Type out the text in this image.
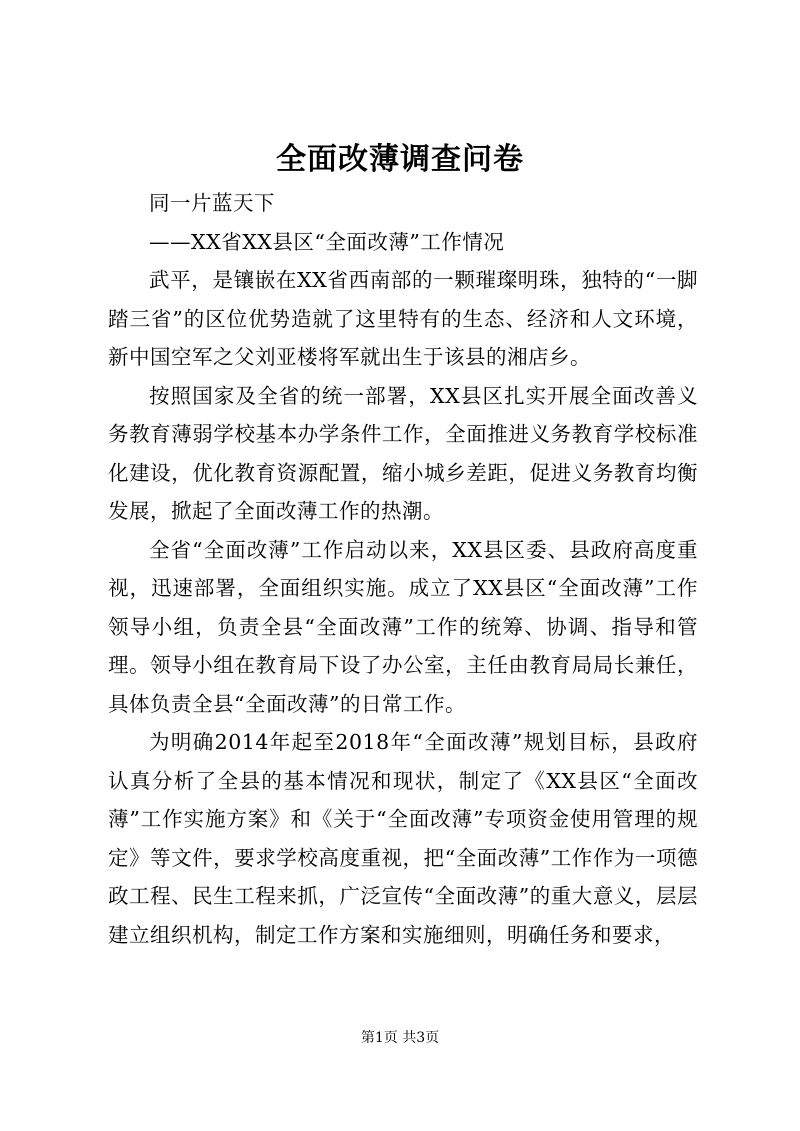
全面改薄调查问卷

同一片蓝天下

——XX省XX县区“全面改薄”工作情况

武平，是镶嵌在XX省西南部的一颗璀璨明珠，独特的“一脚踏三省”的区位优势造就了这里特有的生态、经济和人文环境，新中国空军之父刘亚楼将军就出生于该县的湘店乡。

按照国家及全省的统一部署，XX县区扎实开展全面改善义务教育薄弱学校基本办学条件工作，全面推进义务教育学校标准化建设，优化教育资源配置，缩小城乡差距，促进义务教育均衡发展，掀起了全面改薄工作的热潮。

全省“全面改薄”工作启动以来，XX县区委、县政府高度重视，迅速部署，全面组织实施。成立了XX县区“全面改薄”工作领导小组，负责全县“全面改薄”工作的统筹、协调、指导和管理。领导小组在教育局下设了办公室，主任由教育局局长兼任，具体负责全县“全面改薄”的日常工作。

为明确2014年起至2018年“全面改薄”规划目标，县政府认真分析了全县的基本情况和现状，制定了《XX县区“全面改薄”工作实施方案》和《关于“全面改薄”专项资金使用管理的规定》等文件，要求学校高度重视，把“全面改薄”工作作为一项德政工程、民生工程来抓，广泛宣传“全面改薄”的重大意义，层层建立组织机构，制定工作方案和实施细则，明确任务和要求，

第1页 共3页
